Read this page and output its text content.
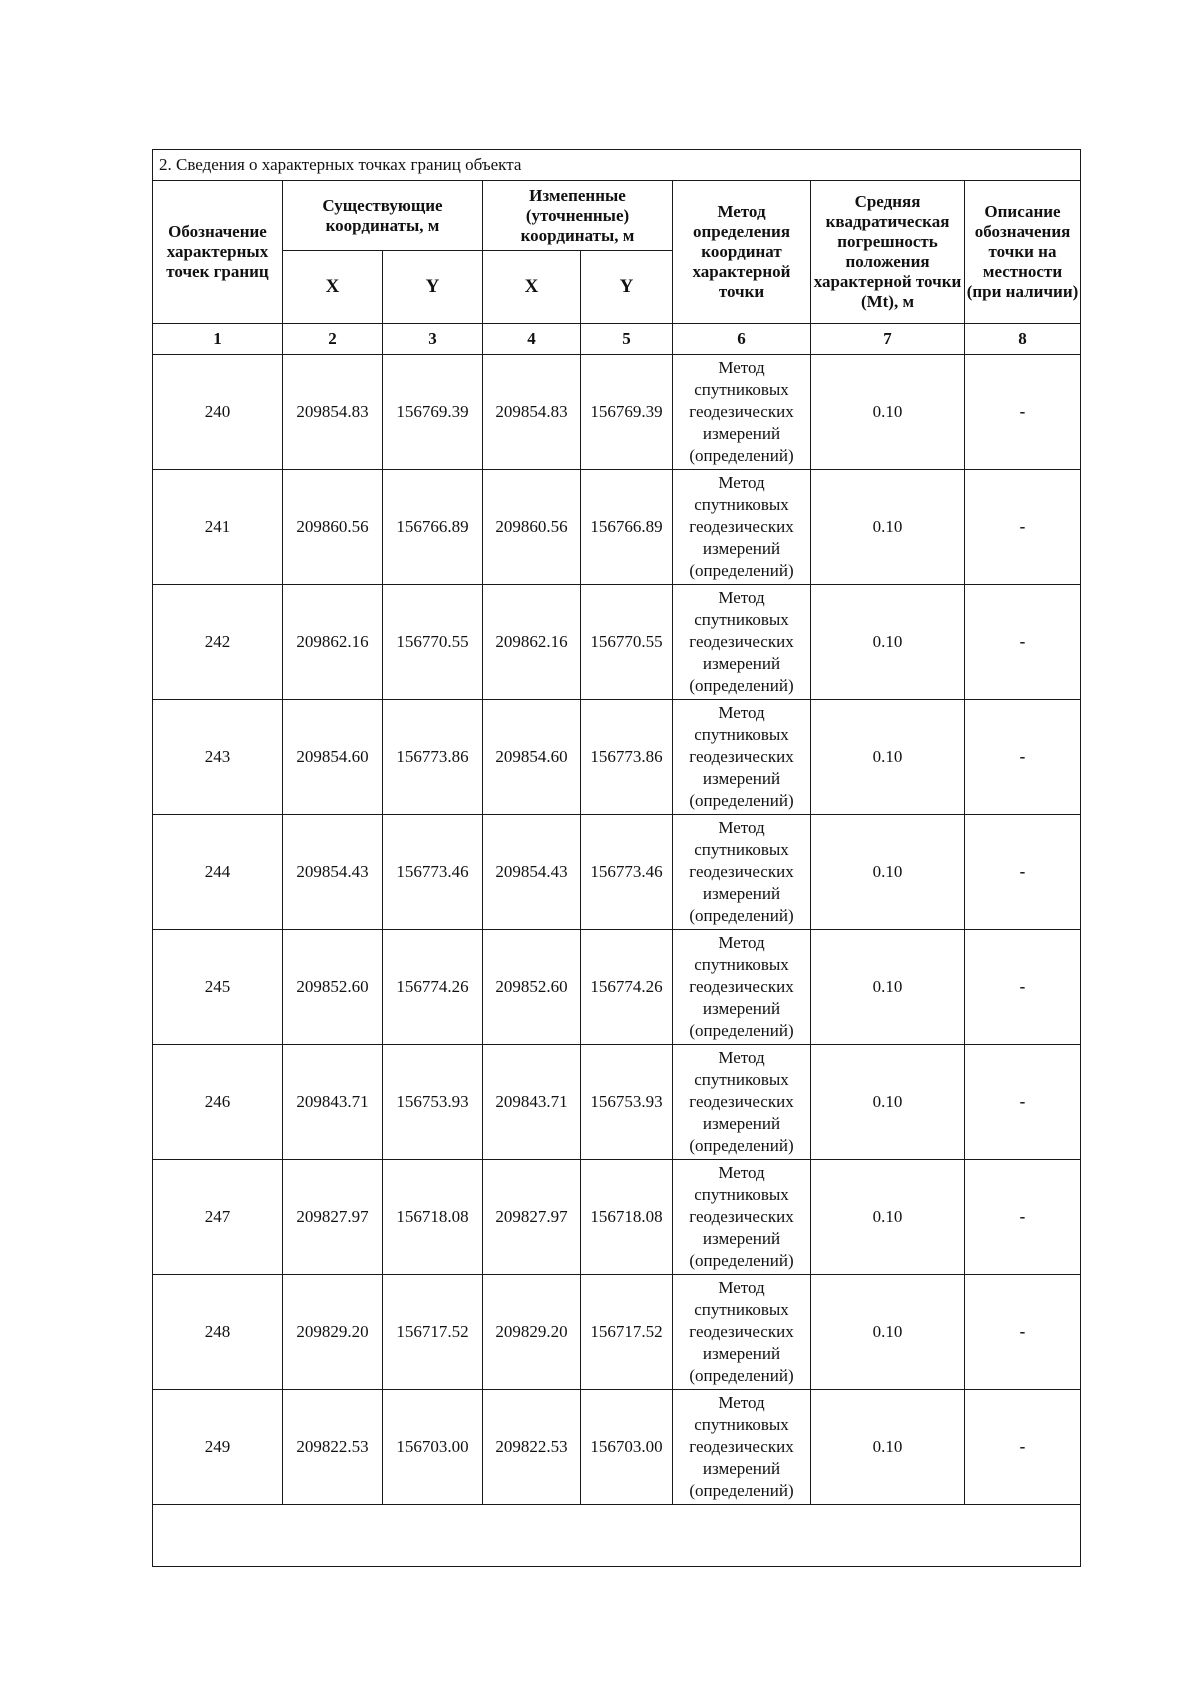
2. Сведения о характерных точках границ объекта							
Обозначение характерных точек границ	Существующие координаты, м		Измепенные (уточненные) координаты, м		Метод определения координат характерной точки	Средняя квадратическая погрешность положения характерной точки (Mt), м	Описание обозначения точки на местности (при наличии)
	X	Y	X	Y			
1	2	3	4	5	6	7	8
240	209854.83	156769.39	209854.83	156769.39	Метод спутниковых геодезических измерений (определений)	0.10	-
241	209860.56	156766.89	209860.56	156766.89	Метод спутниковых геодезических измерений (определений)	0.10	-
242	209862.16	156770.55	209862.16	156770.55	Метод спутниковых геодезических измерений (определений)	0.10	-
243	209854.60	156773.86	209854.60	156773.86	Метод спутниковых геодезических измерений (определений)	0.10	-
244	209854.43	156773.46	209854.43	156773.46	Метод спутниковых геодезических измерений (определений)	0.10	-
245	209852.60	156774.26	209852.60	156774.26	Метод спутниковых геодезических измерений (определений)	0.10	-
246	209843.71	156753.93	209843.71	156753.93	Метод спутниковых геодезических измерений (определений)	0.10	-
247	209827.97	156718.08	209827.97	156718.08	Метод спутниковых геодезических измерений (определений)	0.10	-
248	209829.20	156717.52	209829.20	156717.52	Метод спутниковых геодезических измерений (определений)	0.10	-
249	209822.53	156703.00	209822.53	156703.00	Метод спутниковых геодезических измерений (определений)	0.10	-
